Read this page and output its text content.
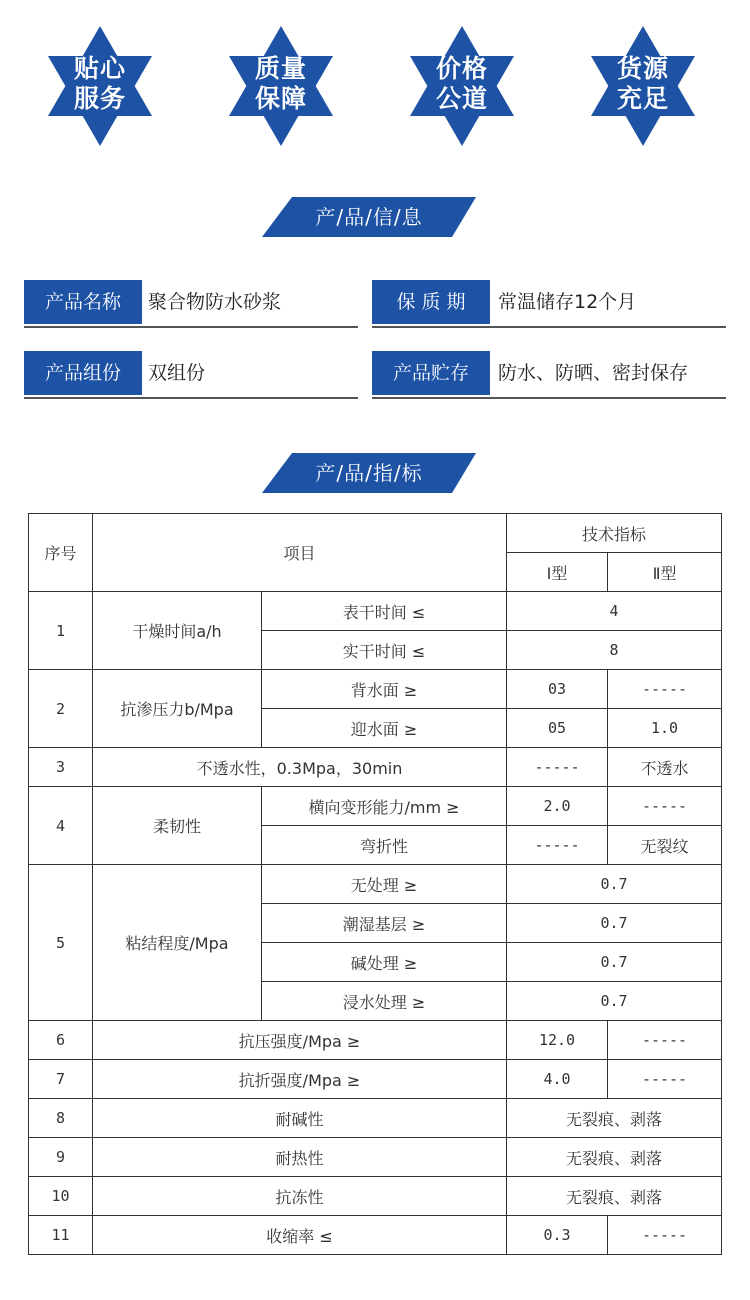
贴心
服务
质量
保障
价格
公道
货源
充足
产/品/信/息
产品名称	聚合物防水砂浆	保 质 期	常温储存12个月
产品组份	双组份	产品贮存	防水、防晒、密封保存
产/品/指/标
序号	项目		技术指标	
			Ⅰ型	Ⅱ型
1	干燥时间a/h	表干时间 ≤	4	
		实干时间 ≤	8	
2	抗渗压力b/Mpa	背水面 ≥	03	-----
		迎水面 ≥	05	1.0
3	不透水性，0.3Mpa，30min		-----	不透水
4	柔韧性	横向变形能力/mm ≥	2.0	-----
		弯折性	-----	无裂纹
5	粘结程度/Mpa	无处理 ≥	0.7	
		潮湿基层 ≥	0.7	
		碱处理 ≥	0.7	
		浸水处理 ≥	0.7	
6	抗压强度/Mpa ≥		12.0	-----
7	抗折强度/Mpa ≥		4.0	-----
8	耐碱性		无裂痕、剥落	
9	耐热性		无裂痕、剥落	
10	抗冻性		无裂痕、剥落	
11	收缩率 ≤		0.3	-----
